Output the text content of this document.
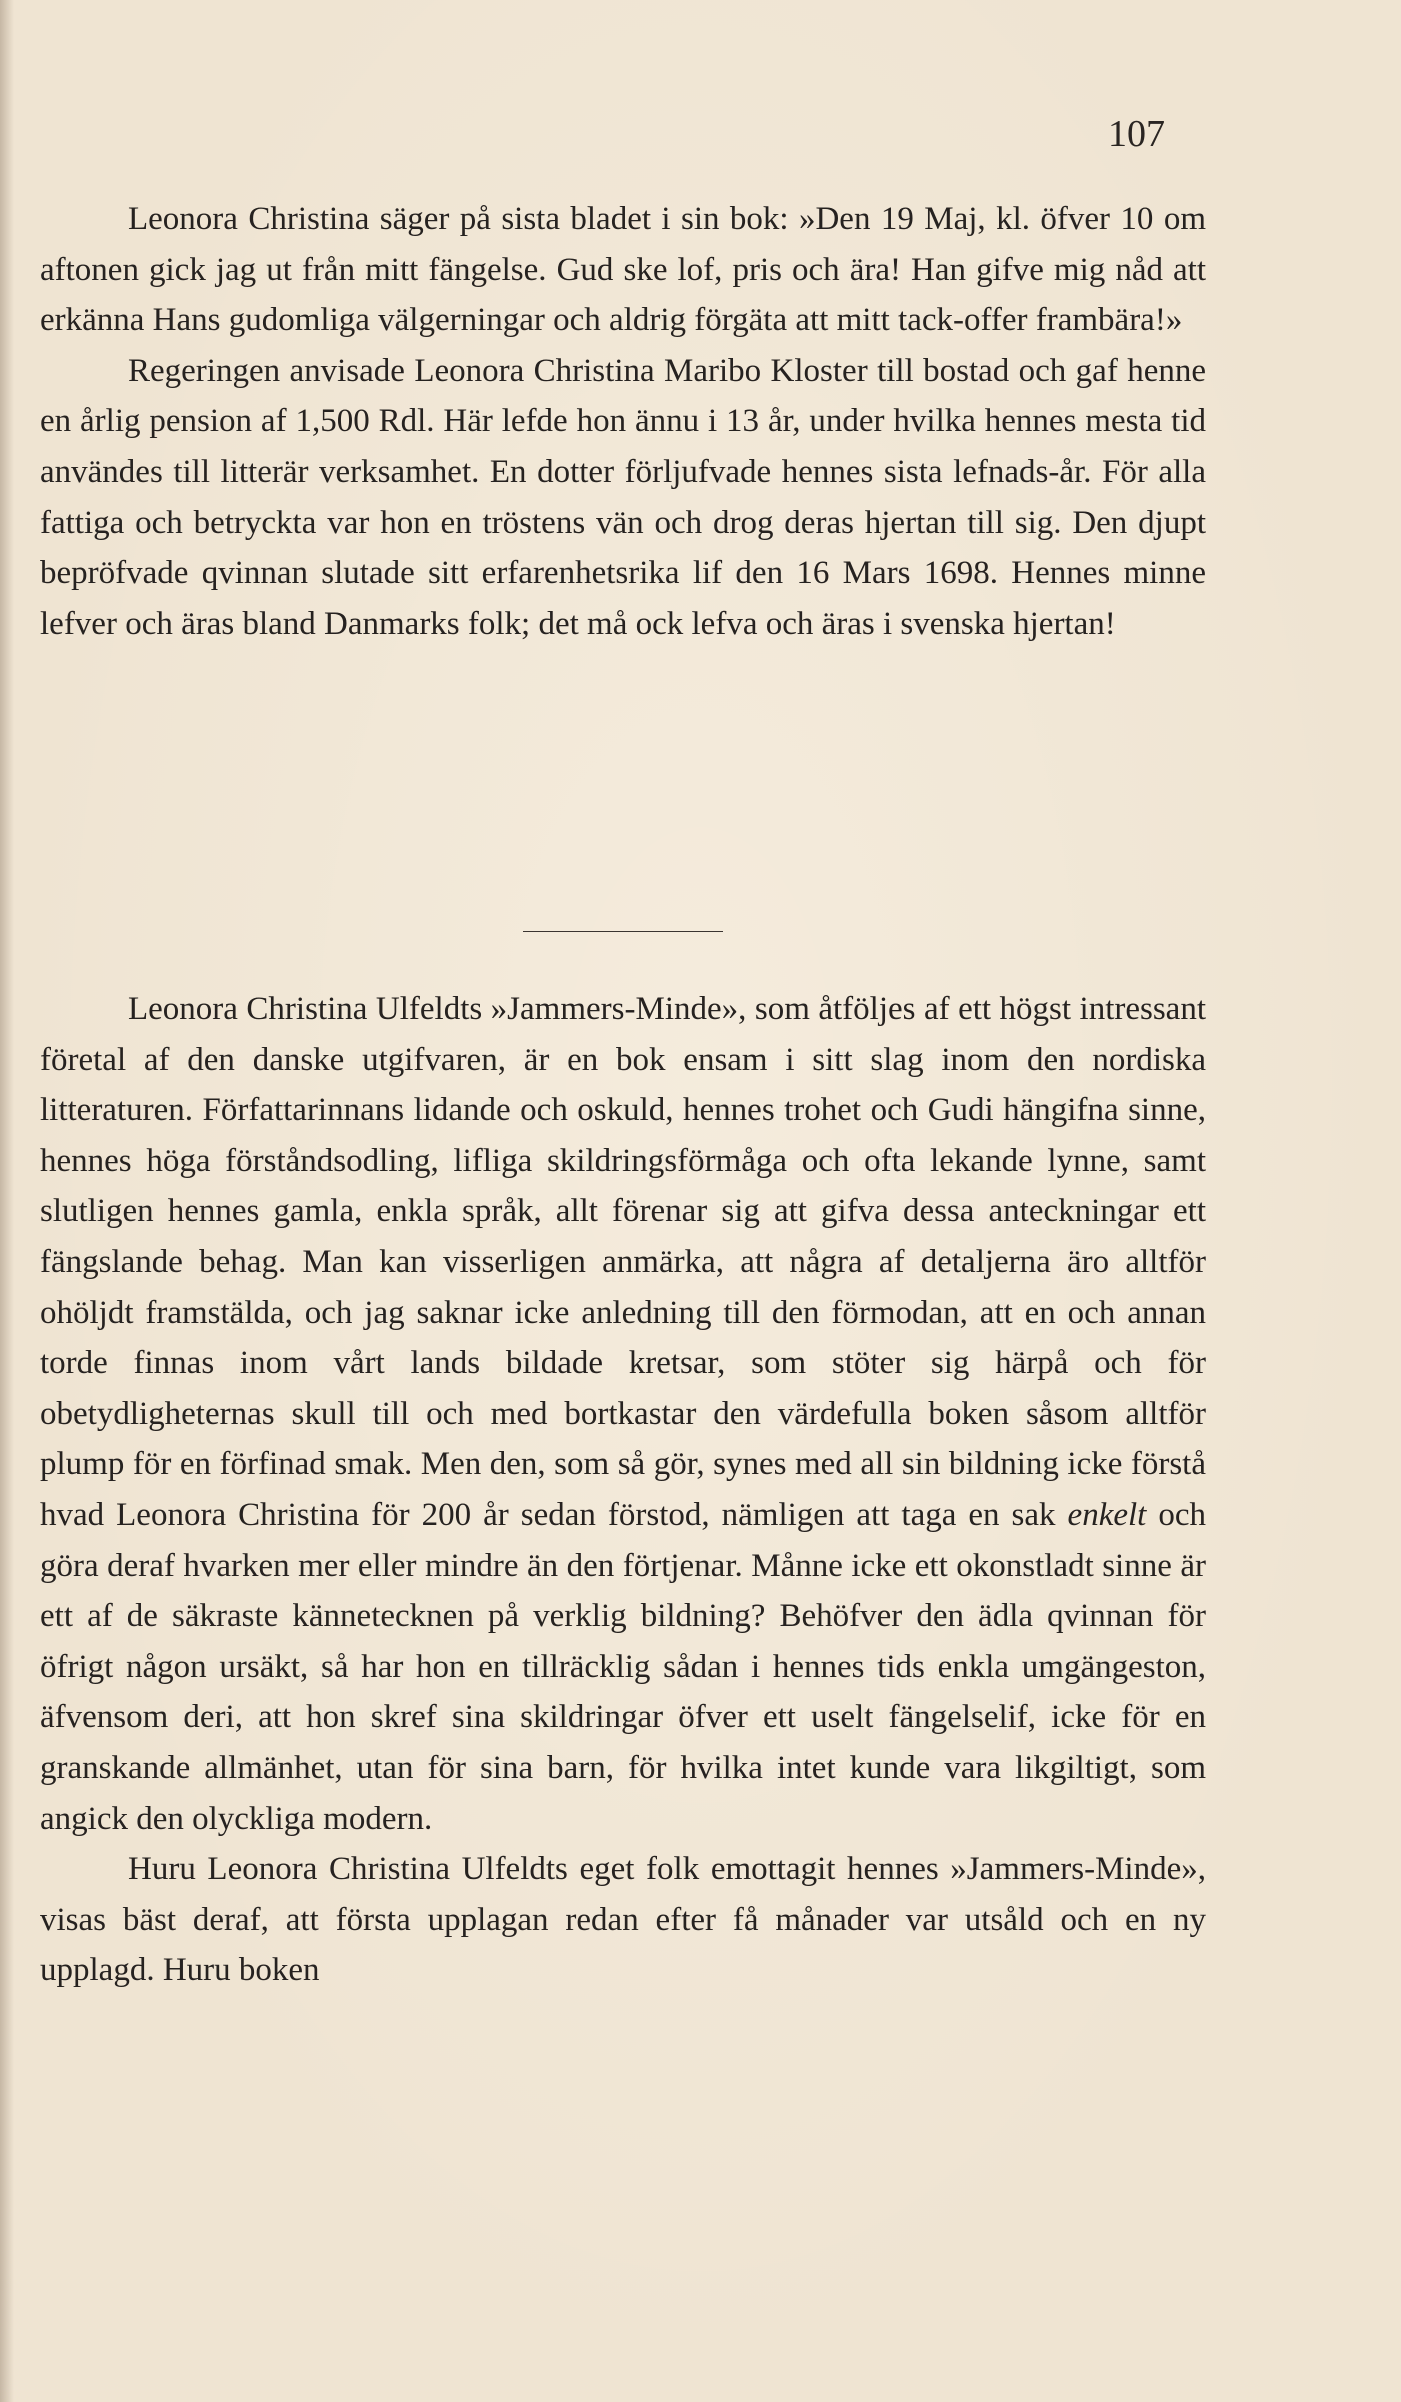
107

Leonora Christina säger på sista bladet i sin bok: »Den 19 Maj, kl. öfver 10 om aftonen gick jag ut från mitt fängelse. Gud ske lof, pris och ära! Han gifve mig nåd att erkänna Hans gudomliga välgerningar och aldrig förgäta att mitt tack-offer frambära!»

Regeringen anvisade Leonora Christina Maribo Kloster till bostad och gaf henne en årlig pension af 1,500 Rdl. Här lefde hon ännu i 13 år, under hvilka hennes mesta tid användes till litterär verksamhet. En dotter förljufvade hennes sista lefnads-år. För alla fattiga och betryckta var hon en tröstens vän och drog deras hjertan till sig. Den djupt bepröfvade qvinnan slutade sitt erfarenhetsrika lif den 16 Mars 1698. Hennes minne lefver och äras bland Danmarks folk; det må ock lefva och äras i svenska hjertan!

Leonora Christina Ulfeldts »Jammers-Minde», som åtföljes af ett högst intressant företal af den danske utgifvaren, är en bok ensam i sitt slag inom den nordiska litteraturen. Författarinnans lidande och oskuld, hennes trohet och Gudi hängifna sinne, hennes höga förståndsodling, lifliga skildringsförmåga och ofta lekande lynne, samt slutligen hennes gamla, enkla språk, allt förenar sig att gifva dessa anteckningar ett fängslande behag. Man kan visserligen anmärka, att några af detaljerna äro alltför ohöljdt framstälda, och jag saknar icke anledning till den förmodan, att en och annan torde finnas inom vårt lands bildade kretsar, som stöter sig härpå och för obetydligheternas skull till och med bortkastar den värdefulla boken såsom alltför plump för en förfinad smak. Men den, som så gör, synes med all sin bildning icke förstå hvad Leonora Christina för 200 år sedan förstod, nämligen att taga en sak enkelt och göra deraf hvarken mer eller mindre än den förtjenar. Månne icke ett okonstladt sinne är ett af de säkraste kännetecknen på verklig bildning? Behöfver den ädla qvinnan för öfrigt någon ursäkt, så har hon en tillräcklig sådan i hennes tids enkla umgängeston, äfvensom deri, att hon skref sina skildringar öfver ett uselt fängelselif, icke för en granskande allmänhet, utan för sina barn, för hvilka intet kunde vara likgiltigt, som angick den olyckliga modern.

Huru Leonora Christina Ulfeldts eget folk emottagit hennes »Jammers-Minde», visas bäst deraf, att första upplagan redan efter få månader var utsåld och en ny upplagd. Huru boken
